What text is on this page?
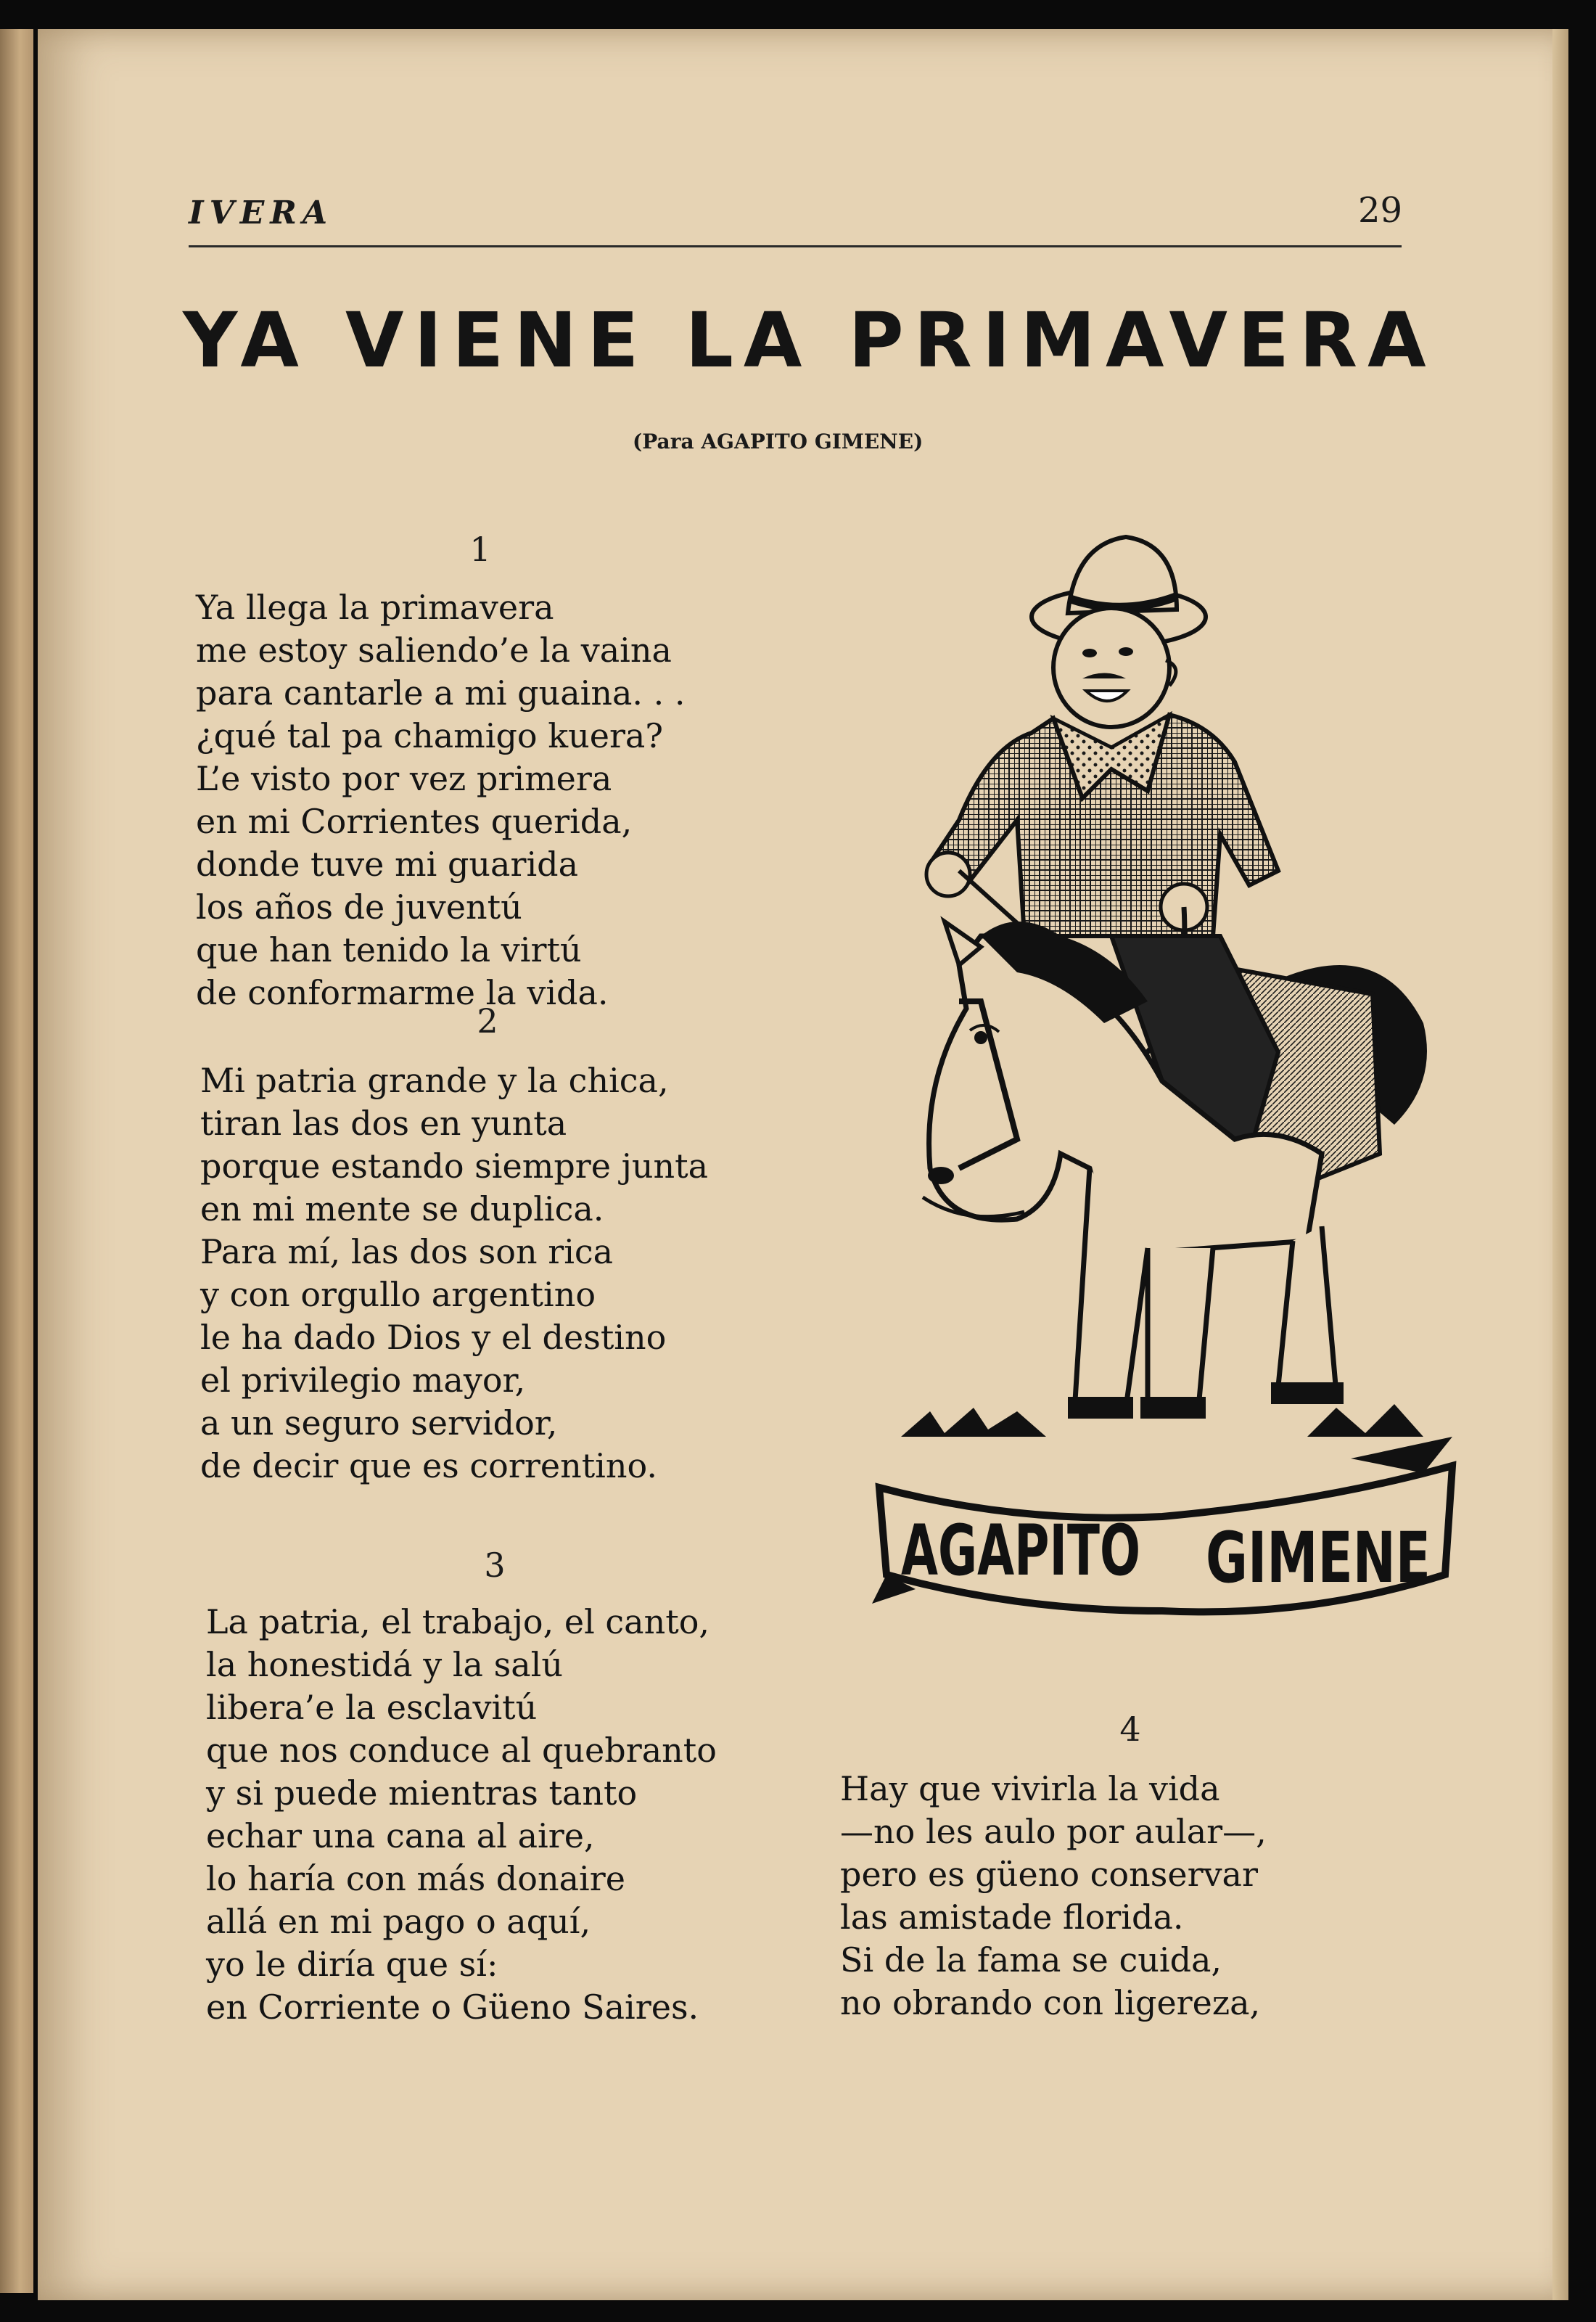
IVERA	29
YA VIENE LA PRIMAVERA
(Para AGAPITO GIMENE)
1
Ya llega la primavera
me estoy saliendo’e la vaina
para cantarle a mi guaina. . .
¿qué tal pa chamigo kuera?
L’e visto por vez primera
en mi Corrientes querida,
donde tuve mi guarida
los años de juventú
que han tenido la virtú
de conformarme la vida.
2
Mi patria grande y la chica,
tiran las dos en yunta
porque estando siempre junta
en mi mente se duplica.
Para mí, las dos son rica
y con orgullo argentino
le ha dado Dios y el destino
el privilegio mayor,
a un seguro servidor,
de decir que es correntino.
3
La patria, el trabajo, el canto,
la honestidá y la salú
libera’e la esclavitú
que nos conduce al quebranto
y si puede mientras tanto
echar una cana al aire,
lo haría con más donaire
allá en mi pago o aquí,
yo le diría que sí:
en Corriente o Güeno Saires.
4
Hay que vivirla la vida
—no les aulo por aular—,
pero es güeno conservar
las amistade florida.
Si de la fama se cuida,
no obrando con ligereza,
AGAPITO GIMENE
